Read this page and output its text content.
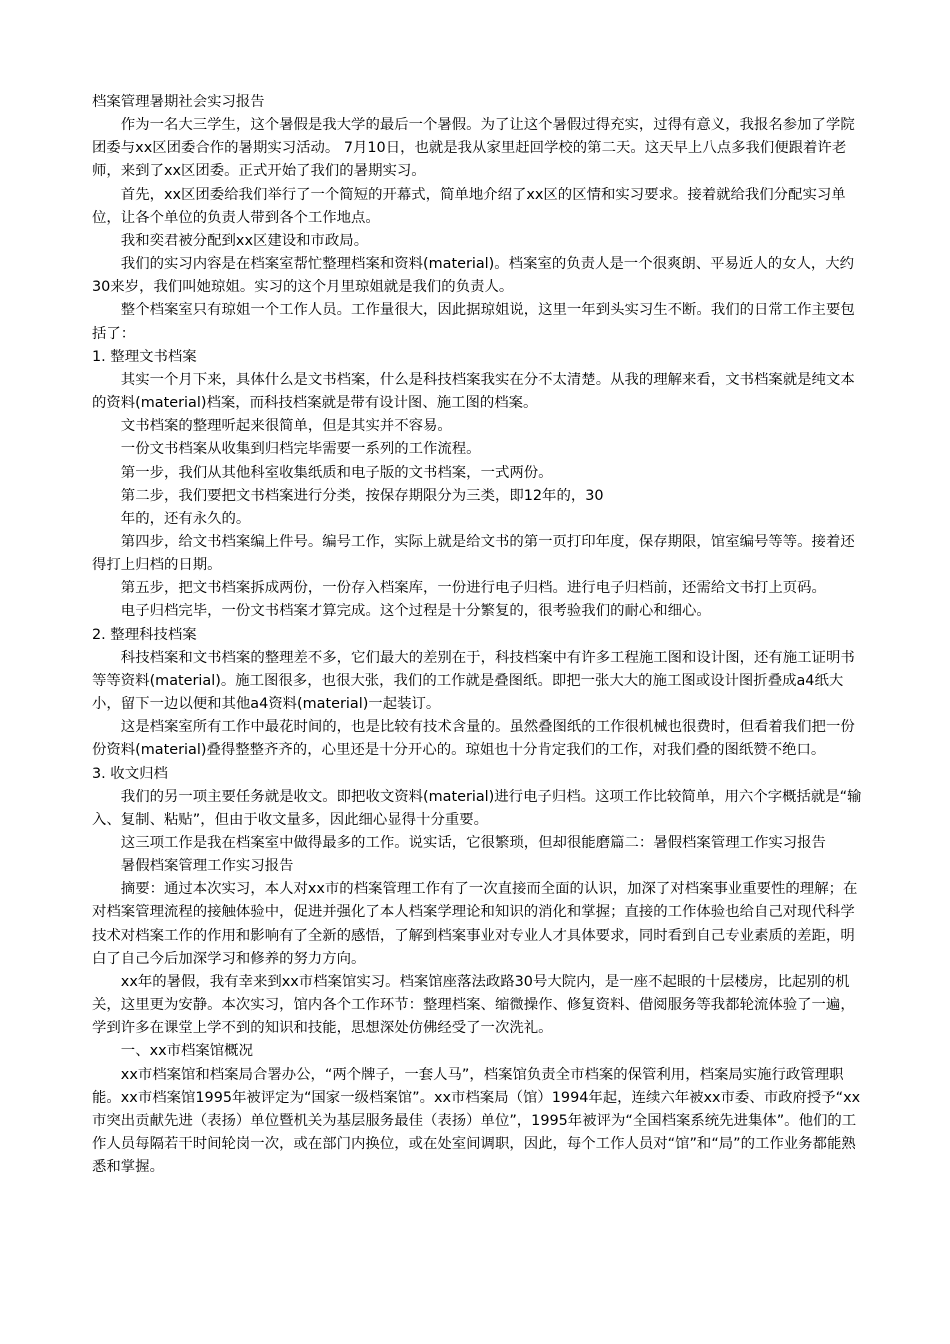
档案管理暑期社会实习报告

作为一名大三学生，这个暑假是我大学的最后一个暑假。为了让这个暑假过得充实，过得有意义，我报名参加了学院团委与xx区团委合作的暑期实习活动。 7月10日，也就是我从家里赶回学校的第二天。这天早上八点多我们便跟着许老师，来到了xx区团委。正式开始了我们的暑期实习。

首先，xx区团委给我们举行了一个简短的开幕式，简单地介绍了xx区的区情和实习要求。接着就给我们分配实习单位，让各个单位的负责人带到各个工作地点。

我和奕君被分配到xx区建设和市政局。

我们的实习内容是在档案室帮忙整理档案和资料(material)。档案室的负责人是一个很爽朗、平易近人的女人，大约30来岁，我们叫她琼姐。实习的这个月里琼姐就是我们的负责人。

整个档案室只有琼姐一个工作人员。工作量很大，因此据琼姐说，这里一年到头实习生不断。我们的日常工作主要包括了：

1. 整理文书档案

其实一个月下来，具体什么是文书档案，什么是科技档案我实在分不太清楚。从我的理解来看，文书档案就是纯文本的资料(material)档案，而科技档案就是带有设计图、施工图的档案。

文书档案的整理听起来很简单，但是其实并不容易。

一份文书档案从收集到归档完毕需要一系列的工作流程。

第一步，我们从其他科室收集纸质和电子版的文书档案，一式两份。

第二步，我们要把文书档案进行分类，按保存期限分为三类，即12年的，30

年的，还有永久的。

第四步，给文书档案编上件号。编号工作，实际上就是给文书的第一页打印年度，保存期限，馆室编号等等。接着还得打上归档的日期。

第五步，把文书档案拆成两份，一份存入档案库，一份进行电子归档。进行电子归档前，还需给文书打上页码。

电子归档完毕，一份文书档案才算完成。这个过程是十分繁复的，很考验我们的耐心和细心。

2. 整理科技档案

科技档案和文书档案的整理差不多，它们最大的差别在于，科技档案中有许多工程施工图和设计图，还有施工证明书等等资料(material)。施工图很多，也很大张，我们的工作就是叠图纸。即把一张大大的施工图或设计图折叠成a4纸大小，留下一边以便和其他a4资料(material)一起装订。

这是档案室所有工作中最花时间的，也是比较有技术含量的。虽然叠图纸的工作很机械也很费时，但看着我们把一份份资料(material)叠得整整齐齐的，心里还是十分开心的。琼姐也十分肯定我们的工作，对我们叠的图纸赞不绝口。

3. 收文归档

我们的另一项主要任务就是收文。即把收文资料(material)进行电子归档。这项工作比较简单，用六个字概括就是“输入、复制、粘贴”，但由于收文量多，因此细心显得十分重要。

这三项工作是我在档案室中做得最多的工作。说实话，它很繁琐，但却很能磨篇二：暑假档案管理工作实习报告

暑假档案管理工作实习报告

摘要：通过本次实习，本人对xx市的档案管理工作有了一次直接而全面的认识，加深了对档案事业重要性的理解；在对档案管理流程的接触体验中，促进并强化了本人档案学理论和知识的消化和掌握；直接的工作体验也给自己对现代科学技术对档案工作的作用和影响有了全新的感悟，了解到档案事业对专业人才具体要求，同时看到自己专业素质的差距，明白了自己今后加深学习和修养的努力方向。

xx年的暑假，我有幸来到xx市档案馆实习。档案馆座落法政路30号大院内，是一座不起眼的十层楼房，比起别的机关，这里更为安静。本次实习，馆内各个工作环节：整理档案、缩微操作、修复资料、借阅服务等我都轮流体验了一遍，学到许多在课堂上学不到的知识和技能，思想深处仿佛经受了一次洗礼。

一、xx市档案馆概况

xx市档案馆和档案局合署办公，“两个牌子，一套人马”，档案馆负责全市档案的保管利用，档案局实施行政管理职能。xx市档案馆1995年被评定为“国家一级档案馆”。xx市档案局（馆）1994年起，连续六年被xx市委、市政府授予“xx市突出贡献先进（表扬）单位暨机关为基层服务最佳（表扬）单位”，1995年被评为“全国档案系统先进集体”。他们的工作人员每隔若干时间轮岗一次，或在部门内换位，或在处室间调职，因此，每个工作人员对“馆”和“局”的工作业务都能熟悉和掌握。
